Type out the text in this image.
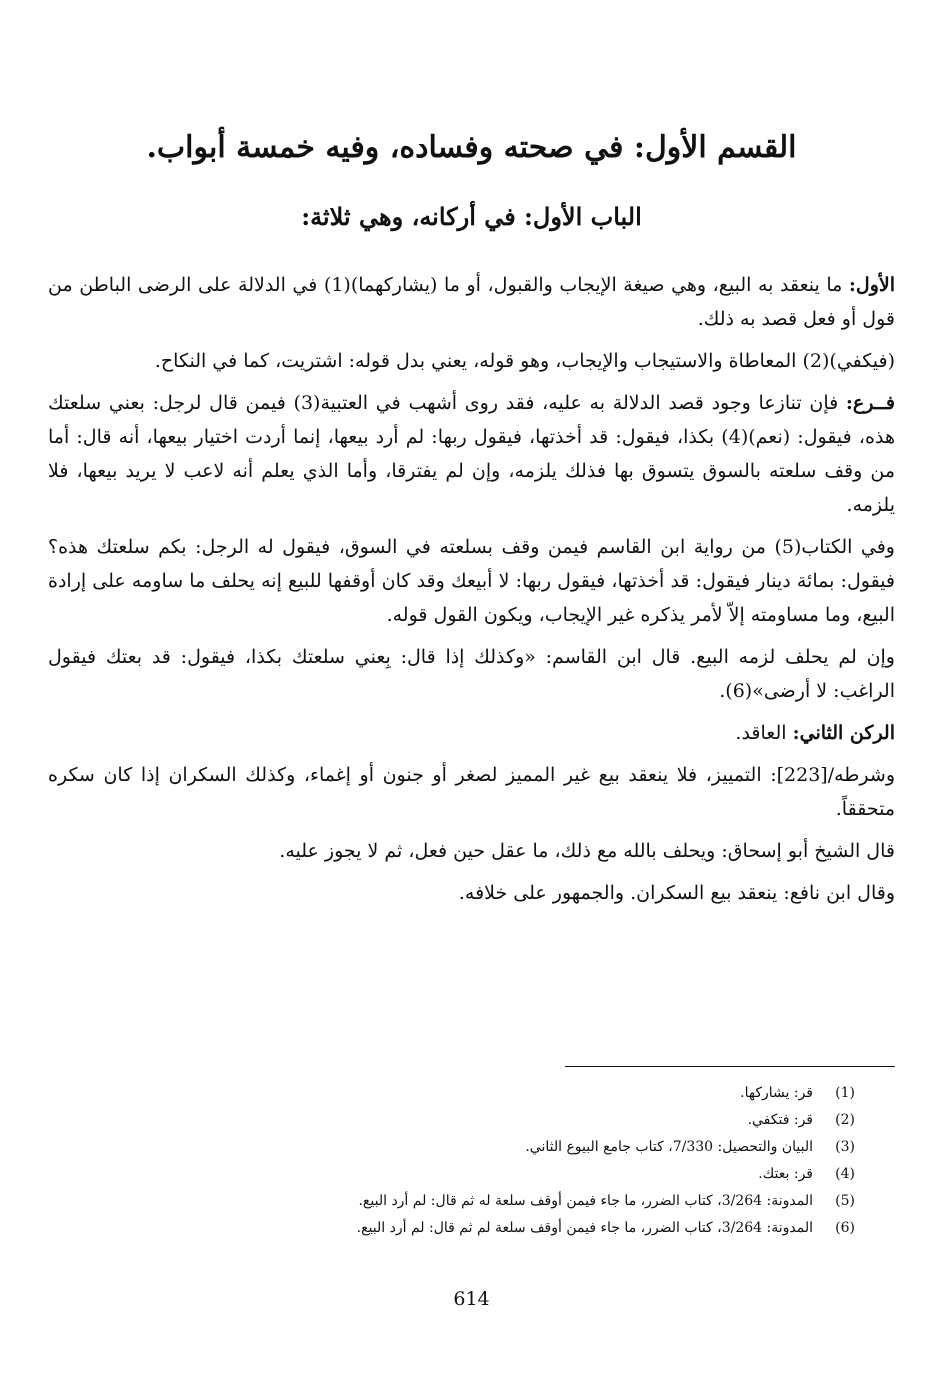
القسم الأول: في صحته وفساده، وفيه خمسة أبواب.
الباب الأول: في أركانه، وهي ثلاثة:

الأول: ما ينعقد به البيع، وهي صيغة الإيجاب والقبول، أو ما (يشاركهما)(1) في الدلالة على الرضى الباطن من قول أو فعل قصد به ذلك.

(فيكفي)(2) المعاطاة والاستيجاب والإيجاب، وهو قوله، يعني بدل قوله: اشتريت، كما في النكاح.

فــرع: فإن تنازعا وجود قصد الدلالة به عليه، فقد روى أشهب في العتبية(3) فيمن قال لرجل: بعني سلعتك هذه، فيقول: (نعم)(4) بكذا، فيقول: قد أخذتها، فيقول ربها: لم أرد بيعها، إنما أردت اختيار بيعها، أنه قال: أما من وقف سلعته بالسوق يتسوق بها فذلك يلزمه، وإن لم يفترقا، وأما الذي يعلم أنه لاعب لا يريد بيعها، فلا يلزمه.

وفي الكتاب(5) من رواية ابن القاسم فيمن وقف بسلعته في السوق، فيقول له الرجل: بكم سلعتك هذه؟ فيقول: بمائة دينار فيقول: قد أخذتها، فيقول ربها: لا أبيعك وقد كان أوقفها للبيع إنه يحلف ما ساومه على إرادة البيع، وما مساومته إلاّ لأمر يذكره غير الإيجاب، ويكون القول قوله.

وإن لم يحلف لزمه البيع. قال ابن القاسم: «وكذلك إذا قال: بِعني سلعتك بكذا، فيقول: قد بعتك فيقول الراغب: لا أرضى»(6).

الركن الثاني: العاقد.

وشرطه/[223]: التمييز، فلا ينعقد بيع غير المميز لصغر أو جنون أو إغماء، وكذلك السكران إذا كان سكره متحققاً.

قال الشيخ أبو إسحاق: ويحلف بالله مع ذلك، ما عقل حين فعل، ثم لا يجوز عليه.

وقال ابن نافع: ينعقد بيع السكران. والجمهور على خلافه.

(1)
قر: يشاركها.
(2)
قر: فتكفي.
(3)
البيان والتحصيل: 7/330، كتاب جامع البيوع الثاني.
(4)
قر: بعتك.
(5)
المدونة: 3/264، كتاب الضرر، ما جاء فيمن أوقف سلعة له ثم قال: لم أرد البيع.
(6)
المدونة: 3/264، كتاب الضرر، ما جاء فيمن أوقف سلعة لم ثم قال: لم أرد البيع.
614
